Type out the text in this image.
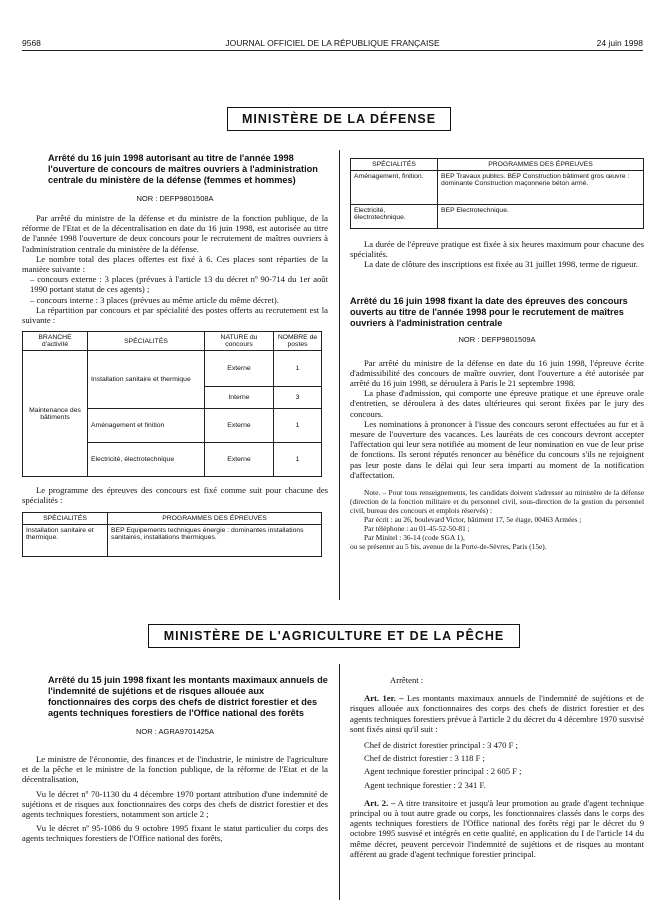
9568	JOURNAL OFFICIEL DE LA RÉPUBLIQUE FRANÇAISE	24 juin 1998
MINISTÈRE DE LA DÉFENSE
Arrêté du 16 juin 1998 autorisant au titre de l'année 1998 l'ouverture de concours de maîtres ouvriers à l'administration centrale du ministère de la défense (femmes et hommes)
NOR : DEFP9801508A

Par arrêté du ministre de la défense et du ministre de la fonction publique, de la réforme de l'Etat et de la décentralisation en date du 16 juin 1998, est autorisée au titre de l'année 1998 l'ouverture de deux concours pour le recrutement de maîtres ouvriers à l'administration centrale du ministère de la défense.

Le nombre total des places offertes est fixé à 6. Ces places sont réparties de la manière suivante :

– concours externe : 3 places (prévues à l'article 13 du décret nº 90-714 du 1er août 1990 portant statut de ces agents) ;

– concours interne : 3 places (prévues au même article du même décret).

La répartition par concours et par spécialité des postes offerts au recrutement est la suivante :

BRANCHE d'activité	SPÉCIALITÉS	NATURE du concours	NOMBRE de postes
Maintenance des bâtiments	Installation sanitaire et thermique	Externe	1
		Interne	3
	Aménagement et finition	Externe	1
	Electricité, électrotechnique	Externe	1

Le programme des épreuves des concours est fixé comme suit pour chacune des spécialités :

SPÉCIALITÉS	PROGRAMMES DES ÉPREUVES
Installation sanitaire et thermique.	BEP Equipements techniques énergie : dominantes installations sanitaires, installations thermiques.
SPÉCIALITÉS	PROGRAMMES DES ÉPREUVES
Aménagement, finition.	BEP Travaux publics. BEP Construction bâtiment gros œuvre : dominante Construction maçonnerie béton armé.
Electricité, électrotechnique.	BEP Electrotechnique.

La durée de l'épreuve pratique est fixée à six heures maximum pour chacune des spécialités.

La date de clôture des inscriptions est fixée au 31 juillet 1998, terme de rigueur.

Arrêté du 16 juin 1998 fixant la date des épreuves des concours ouverts au titre de l'année 1998 pour le recrutement de maîtres ouvriers à l'administration centrale
NOR : DEFP9801509A

Par arrêté du ministre de la défense en date du 16 juin 1998, l'épreuve écrite d'admissibilité des concours de maître ouvrier, dont l'ouverture a été autorisée par arrêté du 16 juin 1998, se déroulera à Paris le 21 septembre 1998.

La phase d'admission, qui comporte une épreuve pratique et une épreuve orale d'entretien, se déroulera à des dates ultérieures qui seront fixées par le jury des concours.

Les nominations à prononcer à l'issue des concours seront effectuées au fur et à mesure de l'ouverture des vacances. Les lauréats de ces concours devront accepter l'affectation qui leur sera notifiée au moment de leur nomination en vue de leur prise de fonctions. Ils seront réputés renoncer au bénéfice du concours s'ils ne rejoignent pas leur poste dans le délai qui leur sera imparti au moment de la notification d'affectation.

Note. – Pour tous renseignements, les candidats doivent s'adresser au ministère de la défense (direction de la fonction militaire et du personnel civil, sous-direction de la gestion du personnel civil, bureau des concours et emplois réservés) :

Par écrit : au 26, boulevard Victor, bâtiment 17, 5e étage, 00463 Armées ;

Par téléphone : au 01-45-52-50-81 ;

Par Minitel : 36-14 (code SGA 1),

ou se présenter au 5 bis, avenue de la Porte-de-Sèvres, Paris (15e).

MINISTÈRE DE L'AGRICULTURE ET DE LA PÊCHE
Arrêté du 15 juin 1998 fixant les montants maximaux annuels de l'indemnité de sujétions et de risques allouée aux fonctionnaires des corps des chefs de district forestier et des agents techniques forestiers de l'Office national des forêts
NOR : AGRA9701425A

Le ministre de l'économie, des finances et de l'industrie, le ministre de l'agriculture et de la pêche et le ministre de la fonction publique, de la réforme de l'Etat et de la décentralisation,

Vu le décret nº 70-1130 du 4 décembre 1970 portant attribution d'une indemnité de sujétions et de risques aux fonctionnaires des corps des chefs de district forestier et des agents techniques forestiers, notamment son article 2 ;

Vu le décret nº 95-1086 du 9 octobre 1995 fixant le statut particulier du corps des agents techniques forestiers de l'Office national des forêts,

Arrêtent :

Art. 1er. – Les montants maximaux annuels de l'indemnité de sujétions et de risques allouée aux fonctionnaires des corps des chefs de district forestier et des agents techniques forestiers prévue à l'article 2 du décret du 4 décembre 1970 susvisé sont fixés ainsi qu'il suit :

Chef de district forestier principal : 3 470 F ;

Chef de district forestier : 3 118 F ;

Agent technique forestier principal : 2 605 F ;

Agent technique forestier : 2 341 F.

Art. 2. – A titre transitoire et jusqu'à leur promotion au grade d'agent technique principal ou à tout autre grade ou corps, les fonctionnaires classés dans le corps des agents techniques forestiers de l'Office national des forêts régi par le décret du 9 octobre 1995 susvisé et intégrés en cette qualité, en application du I de l'article 14 du même décret, peuvent percevoir l'indemnité de sujétions et de risques au montant afférent au grade d'agent technique forestier principal.
